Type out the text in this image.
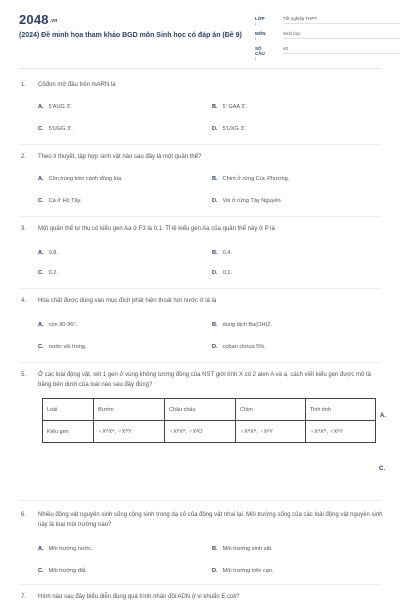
2048.vn
(2024) Đề minh họa tham khảo BGD môn Sinh học có đáp án (Đề 9)
LỚP :
Tốt nghiệp THPT
MÔN :
Sinh học
SỐ CÂU :
40
1. Côđon mở đầu trên mARN là
A. 5'AUG 3'.	B. 5' GAA 3'.
C. 5'UGG 3'.	D. 5'UXG 3'.
2. Theo lí thuyết, tập hợp sinh vật nào sau đây là một quần thể?
A. Côn trùng trên cánh đồng lúa.	B. Chim ở rừng Cúc Phương.
C. Cá ở Hồ Tây.	D. Voi ở rừng Tây Nguyên.
3. Một quần thể tự thụ có kiểu gen Aa ở F3 là 0,1. Tỉ lệ kiểu gen Aa của quần thể này ở P là
A. 0,8.	B. 0,4.
C. 0,2.	D. 0,1.
4. Hóa chất được dùng vào mục đích phát hiện thoát hơi nước ở lá là
A. cồn 90-96°.	B. dung dịch Ba(OH)2.
C. nước vôi trong.	D. coban clorua 5%.
5. Ở các loài động vật, xét 1 gen ở vùng không tương đồng của NST giới tính X có 2 alen A và a, cách viết kiểu gen được mô tả bảng bên dưới của loài nào sau đây đúng?
Loài	Bướm	Châu chấu	Chim	Tinh tinh
Kiểu gen	♀XᴬXᴬ, ♂XᴬY	♀XᴬXᴬ, ♂XᵃO	♂XᴬXᴬ, ♀XᵃY	♀XᴬXᴬ, ♂XᵃY
A.
C.
6. Nhiều động vật nguyên sinh sống cộng sinh trong dạ cỏ của động vật nhai lại. Môi trường sống của các loài động vật nguyên sinh này là loại môi trường nào?
A. Môi trường nước.	B. Môi trường sinh vật.
C. Môi trường đất.	D. Môi trường trên cạn.
7. Hình nào sau đây biểu diễn đúng quá trình nhân đôi ADN ở vi khuẩn E.coli?
